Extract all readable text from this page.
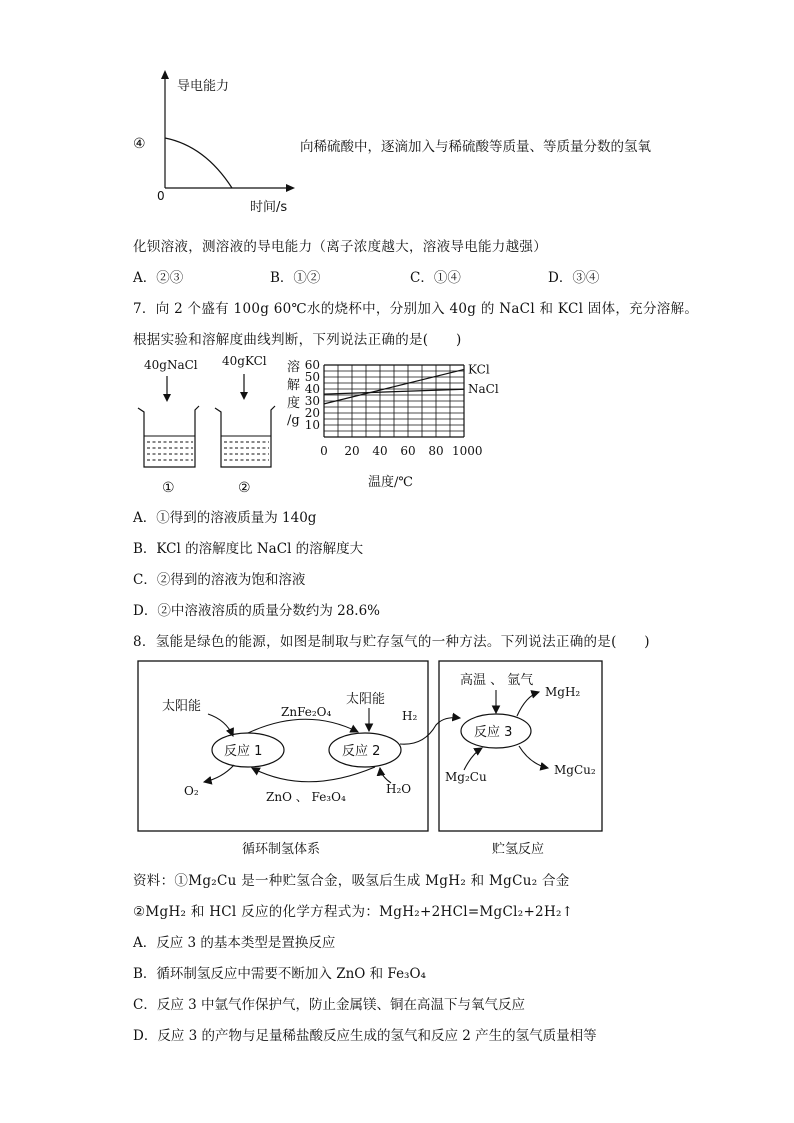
导电能力
0
时间/s
④	向稀硫酸中，逐滴加入与稀硫酸等质量、等质量分数的氢氧
化钡溶液，测溶液的导电能力（离子浓度越大，溶液导电能力越强）
A．②③	B．①②	C．①④	D．③④
7．向 2 个盛有 100g 60℃水的烧杯中，分别加入 40g 的 NaCl 和 KCl 固体，充分溶解。
根据实验和溶解度曲线判断，下列说法正确的是(　　)
40gNaCl 40gKCl
①	②
溶
解
度
/g 10
20
30
40
50
60
0 20 40 60 80 1000
KCl
NaCl
温度/℃
A．①得到的溶液质量为 140g
B．KCl 的溶解度比 NaCl 的溶解度大
C．②得到的溶液为饱和溶液
D．②中溶液溶质的质量分数约为 28.6%
8．氢能是绿色的能源，如图是制取与贮存氢气的一种方法。下列说法正确的是(　　)
反应 1	反应 2
反应 3
ZnFe₂O₄
ZnO 、 Fe₃O₄
太阳能	太阳能
O₂	H₂O
H₂
高温 、 氩气
MgH₂
Mg₂Cu	MgCu₂
循环制氢体系	贮氢反应
资料：①Mg₂Cu 是一种贮氢合金，吸氢后生成 MgH₂ 和 MgCu₂ 合金
②MgH₂ 和 HCl 反应的化学方程式为：MgH₂+2HCl=MgCl₂+2H₂↑
A．反应 3 的基本类型是置换反应
B．循环制氢反应中需要不断加入 ZnO 和 Fe₃O₄
C．反应 3 中氩气作保护气，防止金属镁、铜在高温下与氧气反应
D．反应 3 的产物与足量稀盐酸反应生成的氢气和反应 2 产生的氢气质量相等
